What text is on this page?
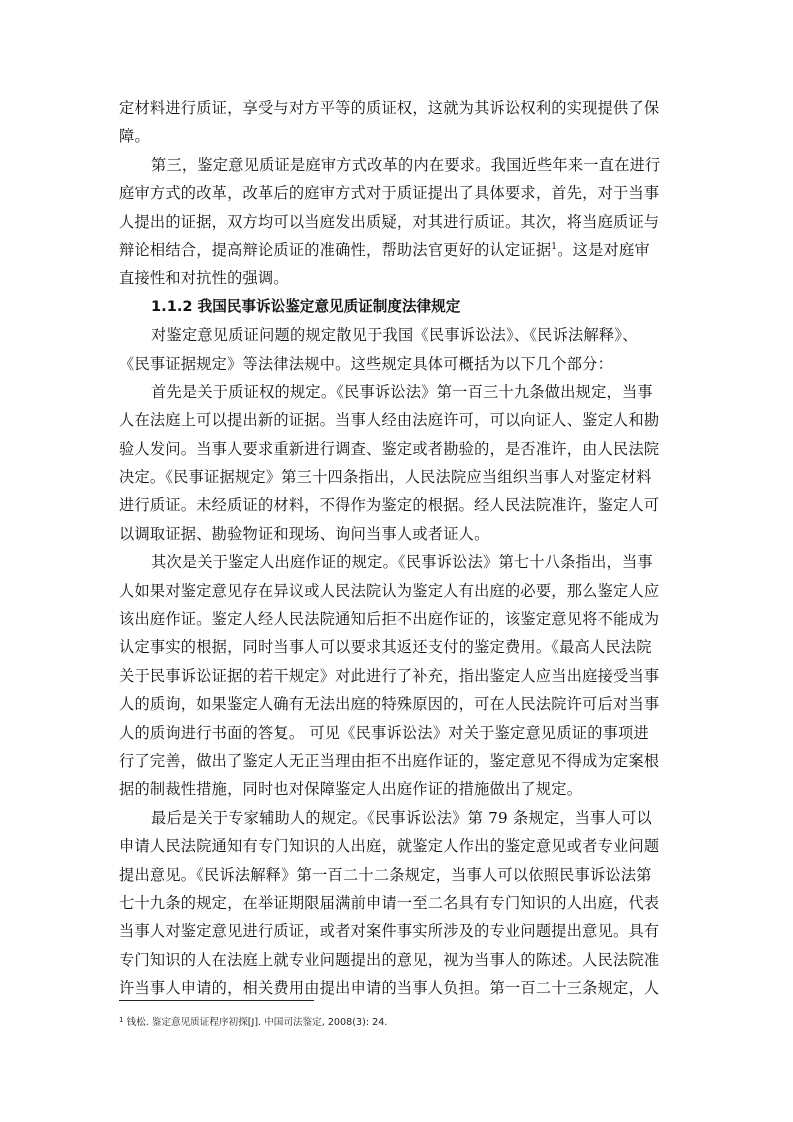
定材料进行质证，享受与对方平等的质证权，这就为其诉讼权利的实现提供了保
障。
第三，鉴定意见质证是庭审方式改革的内在要求。我国近些年来一直在进行
庭审方式的改革，改革后的庭审方式对于质证提出了具体要求，首先，对于当事
人提出的证据，双方均可以当庭发出质疑，对其进行质证。其次，将当庭质证与
辩论相结合，提高辩论质证的准确性，帮助法官更好的认定证据$^1$。这是对庭审
直接性和对抗性的强调。
1.1.2 我国民事诉讼鉴定意见质证制度法律规定
对鉴定意见质证问题的规定散见于我国《民事诉讼法》、《民诉法解释》、
《民事证据规定》等法律法规中。这些规定具体可概括为以下几个部分：
首先是关于质证权的规定。《民事诉讼法》第一百三十九条做出规定，当事
人在法庭上可以提出新的证据。当事人经由法庭许可，可以向证人、鉴定人和勘
验人发问。当事人要求重新进行调查、鉴定或者勘验的，是否准许，由人民法院
决定。《民事证据规定》第三十四条指出，人民法院应当组织当事人对鉴定材料
进行质证。未经质证的材料，不得作为鉴定的根据。经人民法院准许，鉴定人可
以调取证据、勘验物证和现场、询问当事人或者证人。
其次是关于鉴定人出庭作证的规定。《民事诉讼法》第七十八条指出，当事
人如果对鉴定意见存在异议或人民法院认为鉴定人有出庭的必要，那么鉴定人应
该出庭作证。鉴定人经人民法院通知后拒不出庭作证的，该鉴定意见将不能成为
认定事实的根据，同时当事人可以要求其返还支付的鉴定费用。《最高人民法院
关于民事诉讼证据的若干规定》对此进行了补充，指出鉴定人应当出庭接受当事
人的质询，如果鉴定人确有无法出庭的特殊原因的，可在人民法院许可后对当事
人的质询进行书面的答复。 可见《民事诉讼法》对关于鉴定意见质证的事项进
行了完善，做出了鉴定人无正当理由拒不出庭作证的，鉴定意见不得成为定案根
据的制裁性措施，同时也对保障鉴定人出庭作证的措施做出了规定。
最后是关于专家辅助人的规定。《民事诉讼法》第 79 条规定，当事人可以
申请人民法院通知有专门知识的人出庭，就鉴定人作出的鉴定意见或者专业问题
提出意见。《民诉法解释》第一百二十二条规定，当事人可以依照民事诉讼法第
七十九条的规定，在举证期限届满前申请一至二名具有专门知识的人出庭，代表
当事人对鉴定意见进行质证，或者对案件事实所涉及的专业问题提出意见。具有
专门知识的人在法庭上就专业问题提出的意见，视为当事人的陈述。人民法院准
许当事人申请的，相关费用由提出申请的当事人负担。第一百二十三条规定，人
$^1$ 钱松. 鉴定意见质证程序初探[J]. 中国司法鉴定, 2008(3): 24.
